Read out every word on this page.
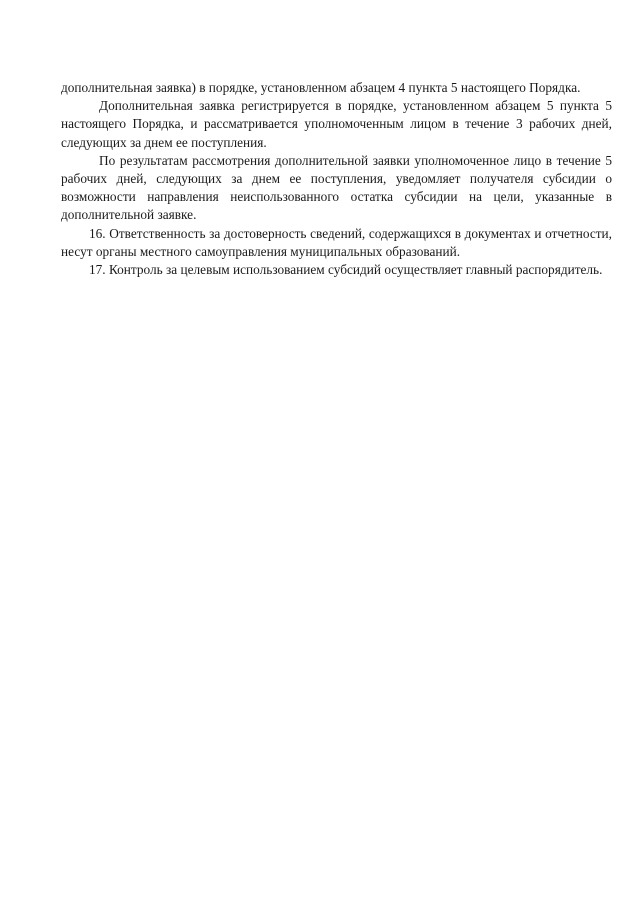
дополнительная заявка) в порядке, установленном абзацем 4 пункта 5 настоящего Порядка.

Дополнительная заявка регистрируется в порядке, установленном абзацем 5 пункта 5 настоящего Порядка, и рассматривается уполномоченным лицом в течение 3 рабочих дней, следующих за днем ее поступления.

По результатам рассмотрения дополнительной заявки уполномоченное лицо в течение 5 рабочих дней, следующих за днем ее поступления, уведомляет получателя субсидии о возможности направления неиспользованного остатка субсидии на цели, указанные в дополнительной заявке.

16. Ответственность за достоверность сведений, содержащихся в документах и отчетности, несут органы местного самоуправления муниципальных образований.

17. Контроль за целевым использованием субсидий осуществляет главный распорядитель.
